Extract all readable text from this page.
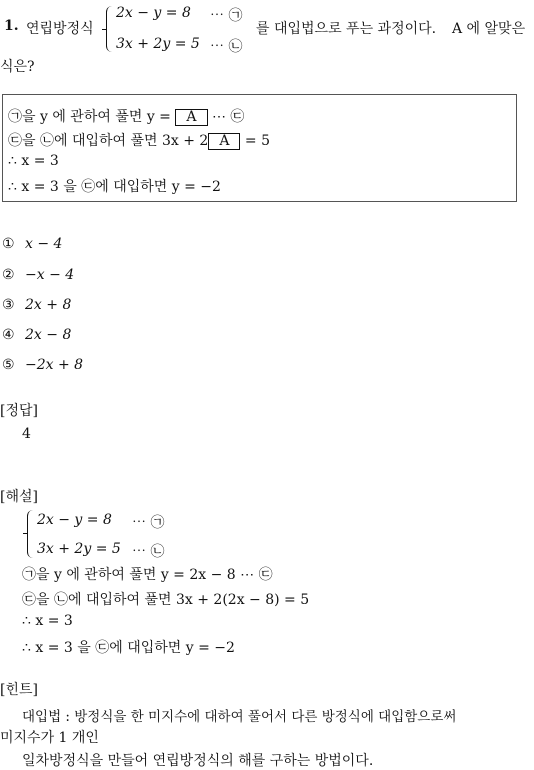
1. 연립방정식
2x − y = 8 ⋯ ㉠
3x + 2y = 5 ⋯ ㉡
를 대입법으로 푸는 과정이다. A 에 알맞은
식은?
㉠을 y 에 관하여 풀면 y = A ⋯ ㉢
㉢을 ㉡에 대입하여 풀면 3x + 2 A = 5
∴ x = 3
∴ x = 3 을 ㉢에 대입하면 y = −2
① x − 4
② −x − 4
③ 2x + 8
④ 2x − 8
⑤ −2x + 8
[정답]
4
[해설]
2x − y = 8 ⋯ ㉠
3x + 2y = 5 ⋯ ㉡
㉠을 y 에 관하여 풀면 y = 2x − 8 ⋯ ㉢
㉢을 ㉡에 대입하여 풀면 3x + 2(2x − 8) = 5
∴ x = 3
∴ x = 3 을 ㉢에 대입하면 y = −2
[힌트]
대입법 : 방정식을 한 미지수에 대하여 풀어서 다른 방정식에 대입함으로써
미지수가 1 개인
일차방정식을 만들어 연립방정식의 해를 구하는 방법이다.
